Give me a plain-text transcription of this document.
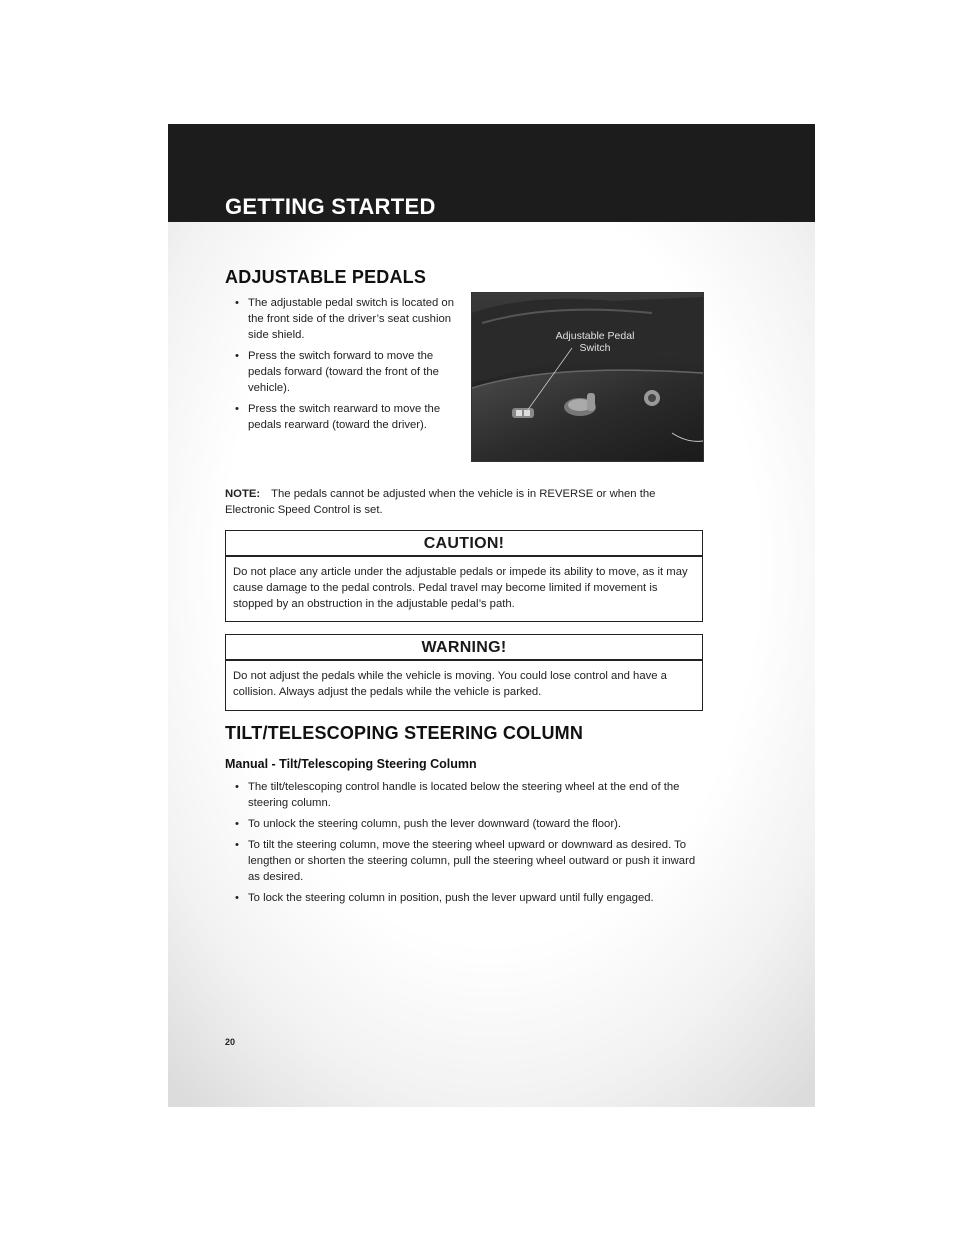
GETTING STARTED
ADJUSTABLE PEDALS
• The adjustable pedal switch is located on the front side of the driver’s seat cushion side shield.
• Press the switch forward to move the pedals forward (toward the front of the vehicle).
• Press the switch rearward to move the pedals rearward (toward the driver).
Adjustable Pedal Switch
NOTE: The pedals cannot be adjusted when the vehicle is in REVERSE or when the Electronic Speed Control is set.
CAUTION!
Do not place any article under the adjustable pedals or impede its ability to move, as it may cause damage to the pedal controls. Pedal travel may become limited if movement is stopped by an obstruction in the adjustable pedal’s path.
WARNING!
Do not adjust the pedals while the vehicle is moving. You could lose control and have a collision. Always adjust the pedals while the vehicle is parked.
TILT/TELESCOPING STEERING COLUMN
Manual - Tilt/Telescoping Steering Column
• The tilt/telescoping control handle is located below the steering wheel at the end of the steering column.
• To unlock the steering column, push the lever downward (toward the floor).
• To tilt the steering column, move the steering wheel upward or downward as desired. To lengthen or shorten the steering column, pull the steering wheel outward or push it inward as desired.
• To lock the steering column in position, push the lever upward until fully engaged.
20
